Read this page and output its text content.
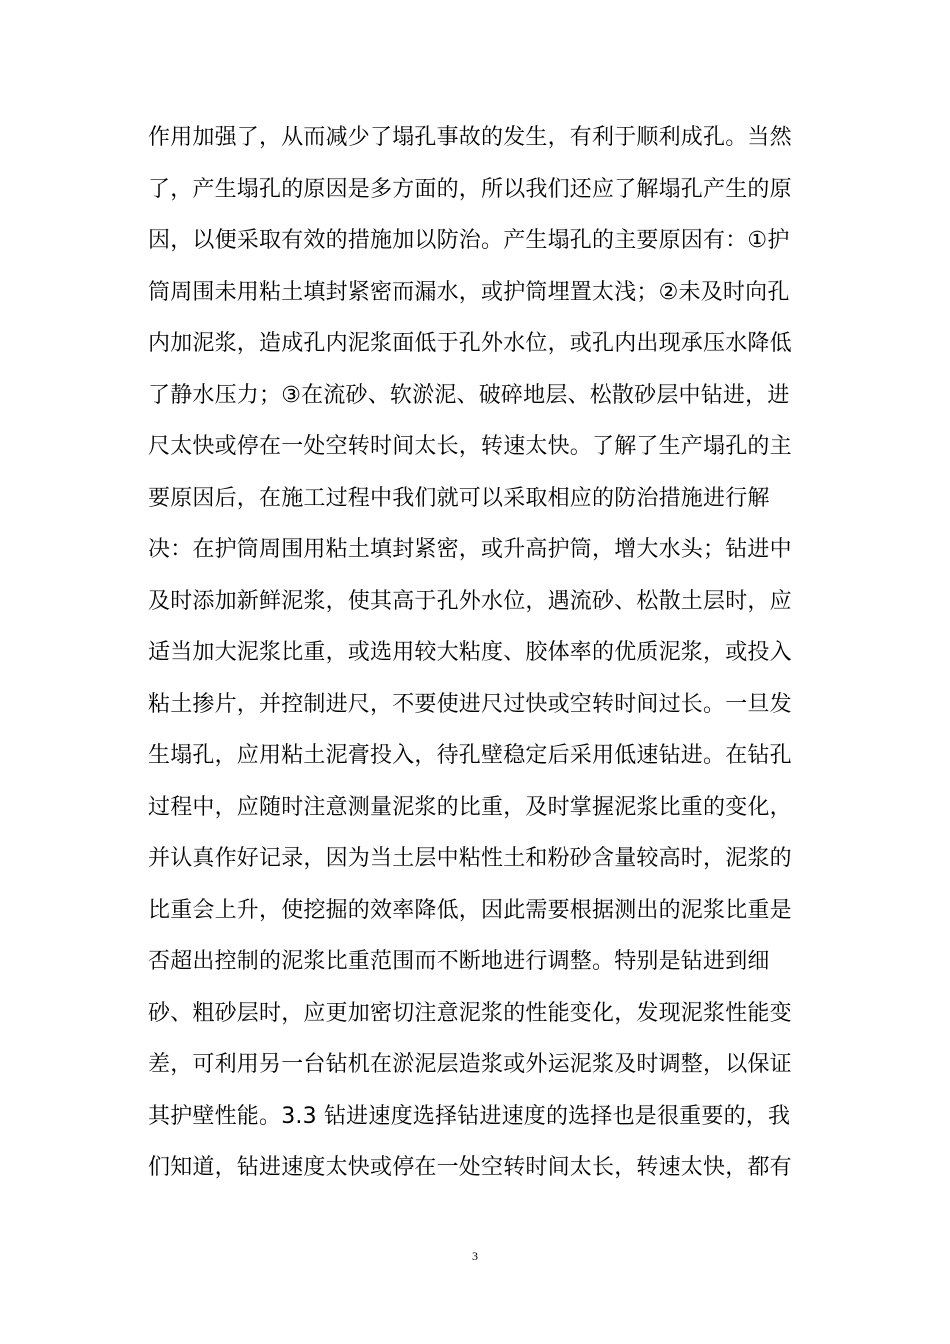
作用加强了，从而减少了塌孔事故的发生，有利于顺利成孔。当然
了，产生塌孔的原因是多方面的，所以我们还应了解塌孔产生的原
因，以便采取有效的措施加以防治。产生塌孔的主要原因有：①护
筒周围未用粘土填封紧密而漏水，或护筒埋置太浅；②未及时向孔
内加泥浆，造成孔内泥浆面低于孔外水位，或孔内出现承压水降低
了静水压力；③在流砂、软淤泥、破碎地层、松散砂层中钻进，进
尺太快或停在一处空转时间太长，转速太快。了解了生产塌孔的主
要原因后，在施工过程中我们就可以采取相应的防治措施进行解
决：在护筒周围用粘土填封紧密，或升高护筒，增大水头；钻进中
及时添加新鲜泥浆，使其高于孔外水位，遇流砂、松散土层时，应
适当加大泥浆比重，或选用较大粘度、胶体率的优质泥浆，或投入
粘土掺片，并控制进尺，不要使进尺过快或空转时间过长。一旦发
生塌孔，应用粘土泥膏投入，待孔壁稳定后采用低速钻进。在钻孔
过程中，应随时注意测量泥浆的比重，及时掌握泥浆比重的变化，
并认真作好记录，因为当土层中粘性土和粉砂含量较高时，泥浆的
比重会上升，使挖掘的效率降低，因此需要根据测出的泥浆比重是
否超出控制的泥浆比重范围而不断地进行调整。特别是钻进到细
砂、粗砂层时，应更加密切注意泥浆的性能变化，发现泥浆性能变
差，可利用另一台钻机在淤泥层造浆或外运泥浆及时调整，以保证
其护壁性能。3.3 钻进速度选择钻进速度的选择也是很重要的，我
们知道，钻进速度太快或停在一处空转时间太长，转速太快，都有
3
